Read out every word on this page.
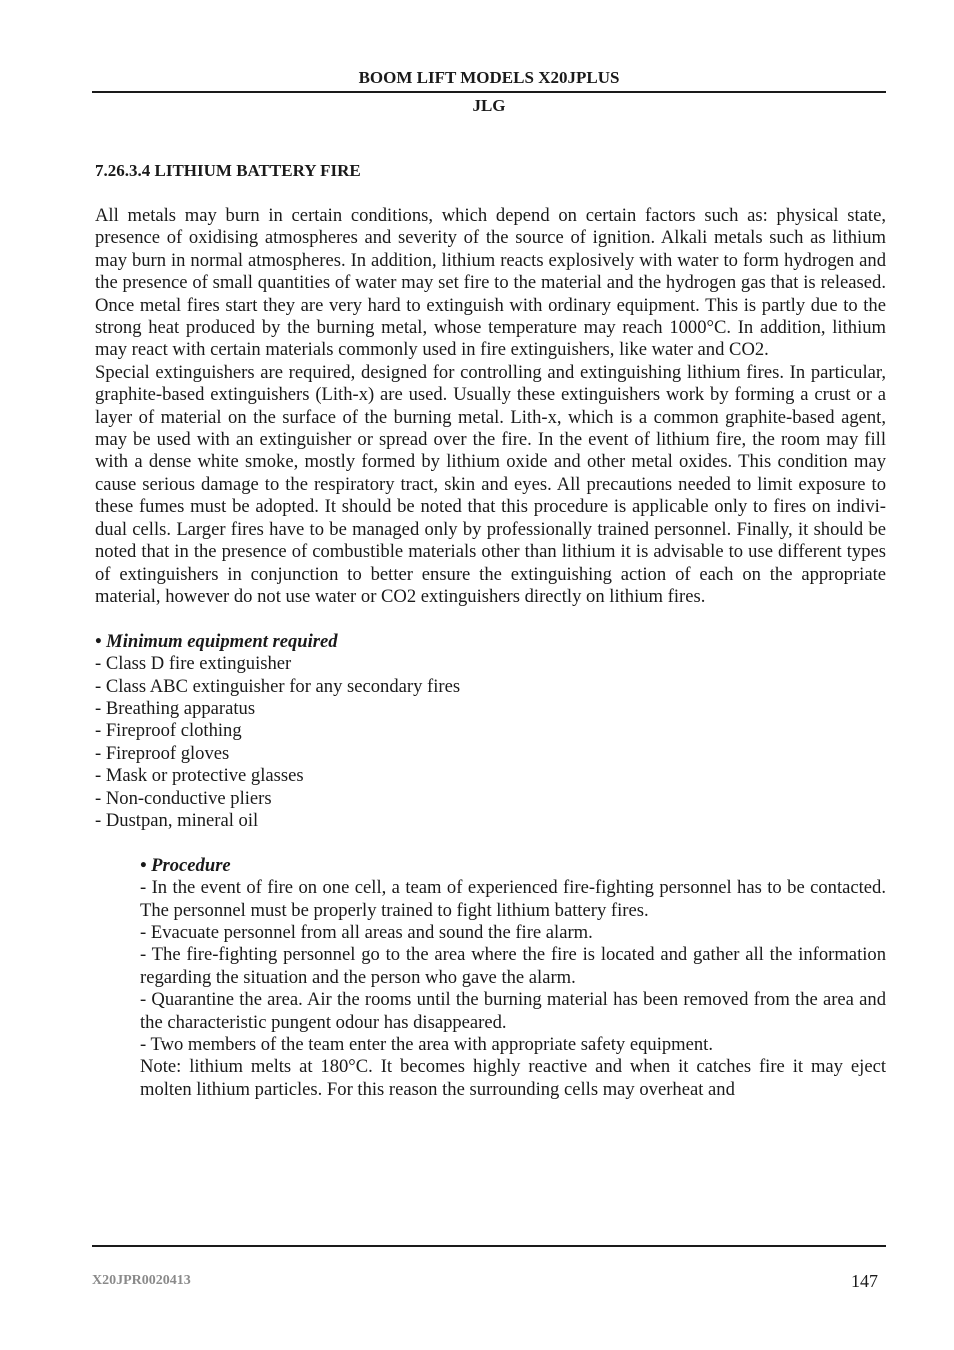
BOOM LIFT MODELS X20JPLUS
JLG
7.26.3.4 LITHIUM BATTERY FIRE

All metals may burn in certain conditions, which depend on certain factors such as: physical state, presence of oxidising atmospheres and severity of the source of ignition. Alkali metals such as lithium may burn in normal atmospheres. In addition, lithium reacts explosively with water to form hydrogen and the presence of small quantities of water may set fire to the material and the hydrogen gas that is released. Once metal fires start they are very hard to extinguish with ordinary equipment. This is partly due to the strong heat produced by the burning metal, whose temperature may reach 1000°C. In addition, lithium may react with certain materials commonly used in fire extinguishers, like water and CO2.

Special extinguishers are required, designed for controlling and extinguishing lithium fires. In particular, graphite-based extinguishers (Lith-x) are used. Usually these extinguishers work by forming a crust or a layer of material on the surface of the burning metal. Lith-x, which is a common graphite-based agent, may be used with an extinguisher or spread over the fire. In the event of lithium fire, the room may fill with a dense white smoke, mostly formed by lithium oxide and other metal oxides. This condition may cause serious damage to the respiratory tract, skin and eyes. All precautions needed to limit exposure to these fumes must be adopted. It should be noted that this procedure is applicable only to fires on individual cells. Larger fires have to be managed only by professionally trained personnel. Finally, it should be noted that in the presence of combustible materials other than lithium it is advisable to use different types of extinguishers in conjunction to better ensure the extinguishing action of each on the appropriate material, however do not use water or CO2 extinguishers directly on lithium fires.

• Minimum equipment required

- Class D fire extinguisher
- Class ABC extinguisher for any secondary fires
- Breathing apparatus
- Fireproof clothing
- Fireproof gloves
- Mask or protective glasses
- Non-conductive pliers
- Dustpan, mineral oil

• Procedure

- In the event of fire on one cell, a team of experienced fire-fighting personnel has to be contacted. The personnel must be properly trained to fight lithium battery fires.

- Evacuate personnel from all areas and sound the fire alarm.

- The fire-fighting personnel go to the area where the fire is located and gather all the information regarding the situation and the person who gave the alarm.

- Quarantine the area. Air the rooms until the burning material has been removed from the area and the characteristic pungent odour has disappeared.

- Two members of the team enter the area with appropriate safety equipment.

Note: lithium melts at 180°C. It becomes highly reactive and when it catches fire it may eject molten lithium particles. For this reason the surrounding cells may overheat and

X20JPR0020413	147
